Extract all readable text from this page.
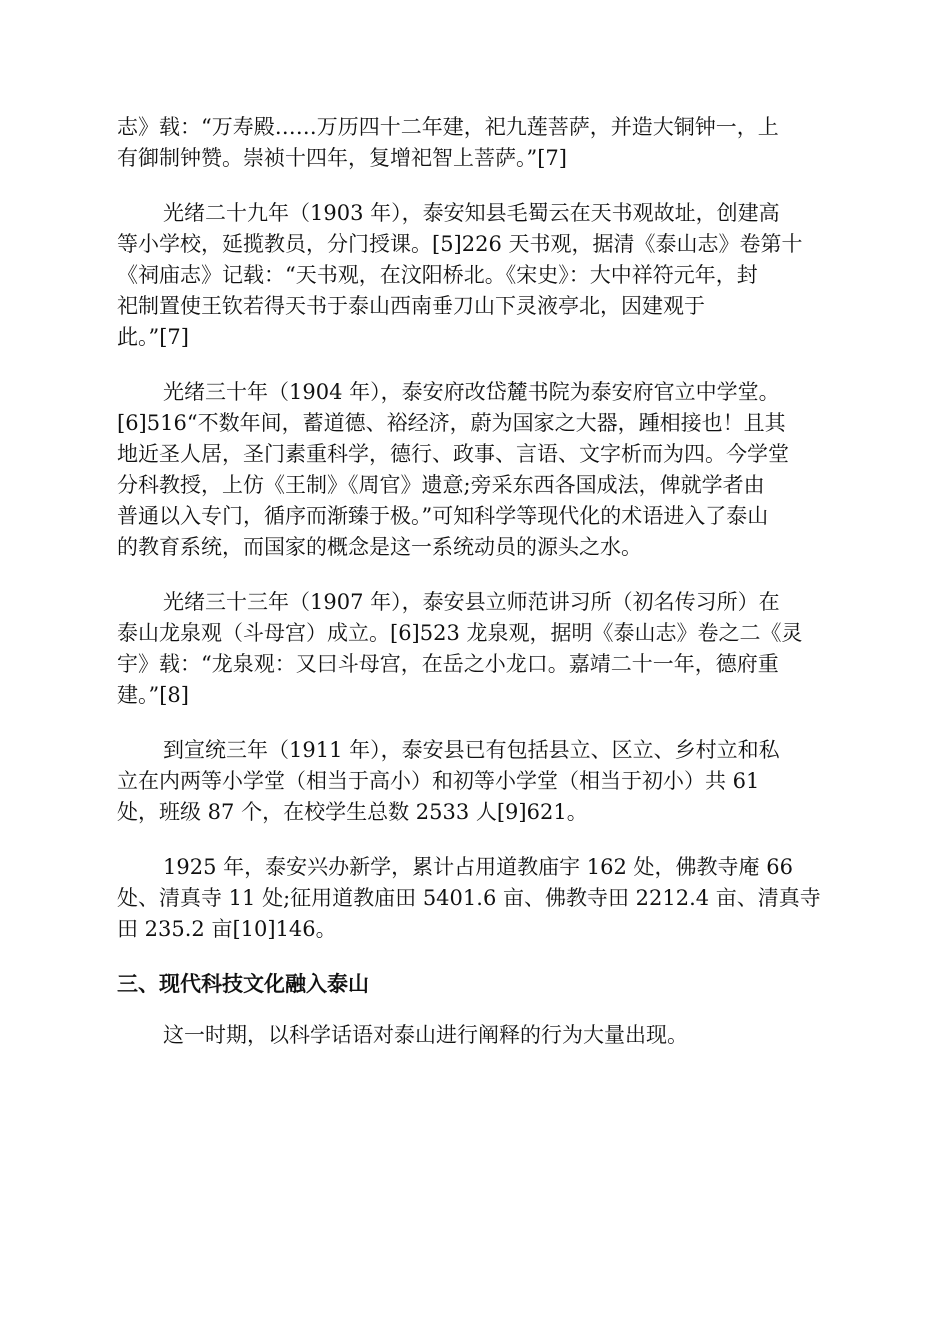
志》载：“万寿殿……万历四十二年建，祀九莲菩萨，并造大铜钟一，上
有御制钟赞。崇祯十四年，复增祀智上菩萨。”[7]
光绪二十九年（1903 年），泰安知县毛蜀云在天书观故址，创建高
等小学校，延揽教员，分门授课。[5]226 天书观，据清《泰山志》卷第十
《祠庙志》记载：“天书观，在汶阳桥北。《宋史》：大中祥符元年，封
祀制置使王钦若得天书于泰山西南垂刀山下灵液亭北，因建观于
此。”[7]
光绪三十年（1904 年），泰安府改岱麓书院为泰安府官立中学堂。
[6]516“不数年间，蓄道德、裕经济，蔚为国家之大器，踵相接也！且其
地近圣人居，圣门素重科学，德行、政事、言语、文字析而为四。今学堂
分科教授，上仿《王制》《周官》遗意;旁采东西各国成法，俾就学者由
普通以入专门，循序而渐臻于极。”可知科学等现代化的术语进入了泰山
的教育系统，而国家的概念是这一系统动员的源头之水。
光绪三十三年（1907 年），泰安县立师范讲习所（初名传习所）在
泰山龙泉观（斗母宫）成立。[6]523 龙泉观，据明《泰山志》卷之二《灵
宇》载：“龙泉观：又曰斗母宫，在岳之小龙口。嘉靖二十一年，德府重
建。”[8]
到宣统三年（1911 年），泰安县已有包括县立、区立、乡村立和私
立在内两等小学堂（相当于高小）和初等小学堂（相当于初小）共 61
处，班级 87 个，在校学生总数 2533 人[9]621。
1925 年，泰安兴办新学，累计占用道教庙宇 162 处，佛教寺庵 66
处、清真寺 11 处;征用道教庙田 5401.6 亩、佛教寺田 2212.4 亩、清真寺
田 235.2 亩[10]146。
三、现代科技文化融入泰山
这一时期，以科学话语对泰山进行阐释的行为大量出现。
